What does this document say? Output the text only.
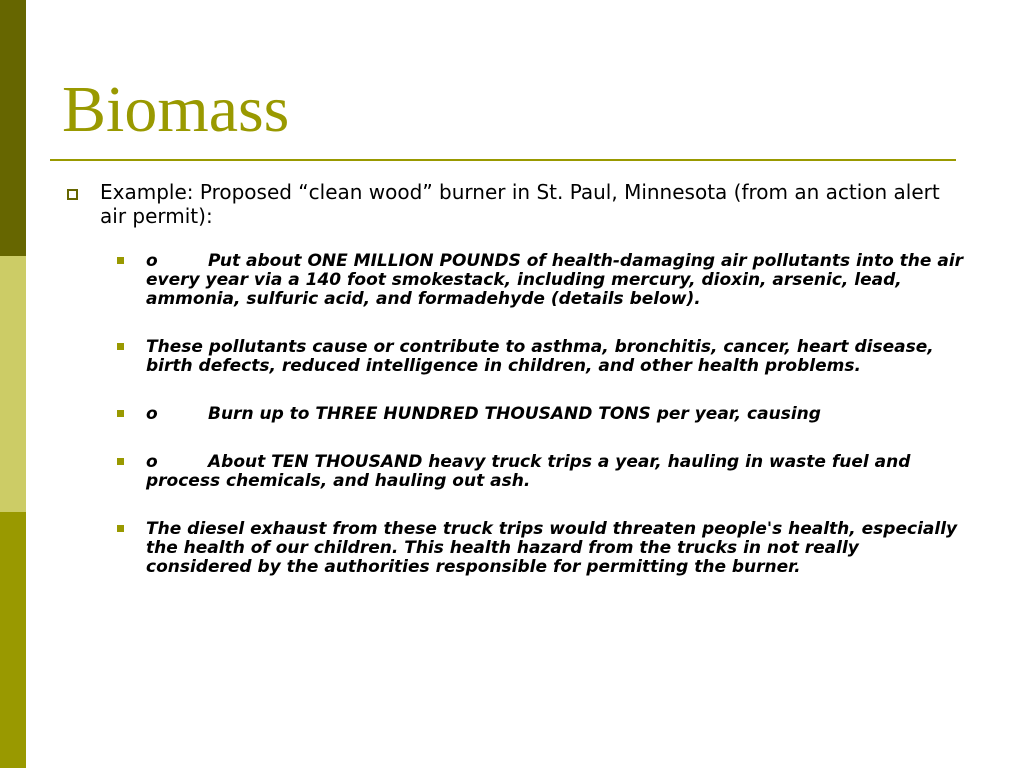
Biomass

Example: Proposed “clean wood” burner in St. Paul, Minnesota (from an action alert air permit):

o	Put about ONE MILLION POUNDS of health-damaging air pollutants into the air every year via a 140 foot smokestack, including mercury, dioxin, arsenic, lead, ammonia, sulfuric acid, and formadehyde (details below).
These pollutants cause or contribute to asthma, bronchitis, cancer, heart disease, birth defects, reduced intelligence in children, and other health problems.
o	Burn up to THREE HUNDRED THOUSAND TONS per year, causing
o	About TEN THOUSAND heavy truck trips a year, hauling in waste fuel and process chemicals, and hauling out ash.
The diesel exhaust from these truck trips would threaten people's health, especially the health of our children. This health hazard from the trucks in not really considered by the authorities responsible for permitting the burner.
